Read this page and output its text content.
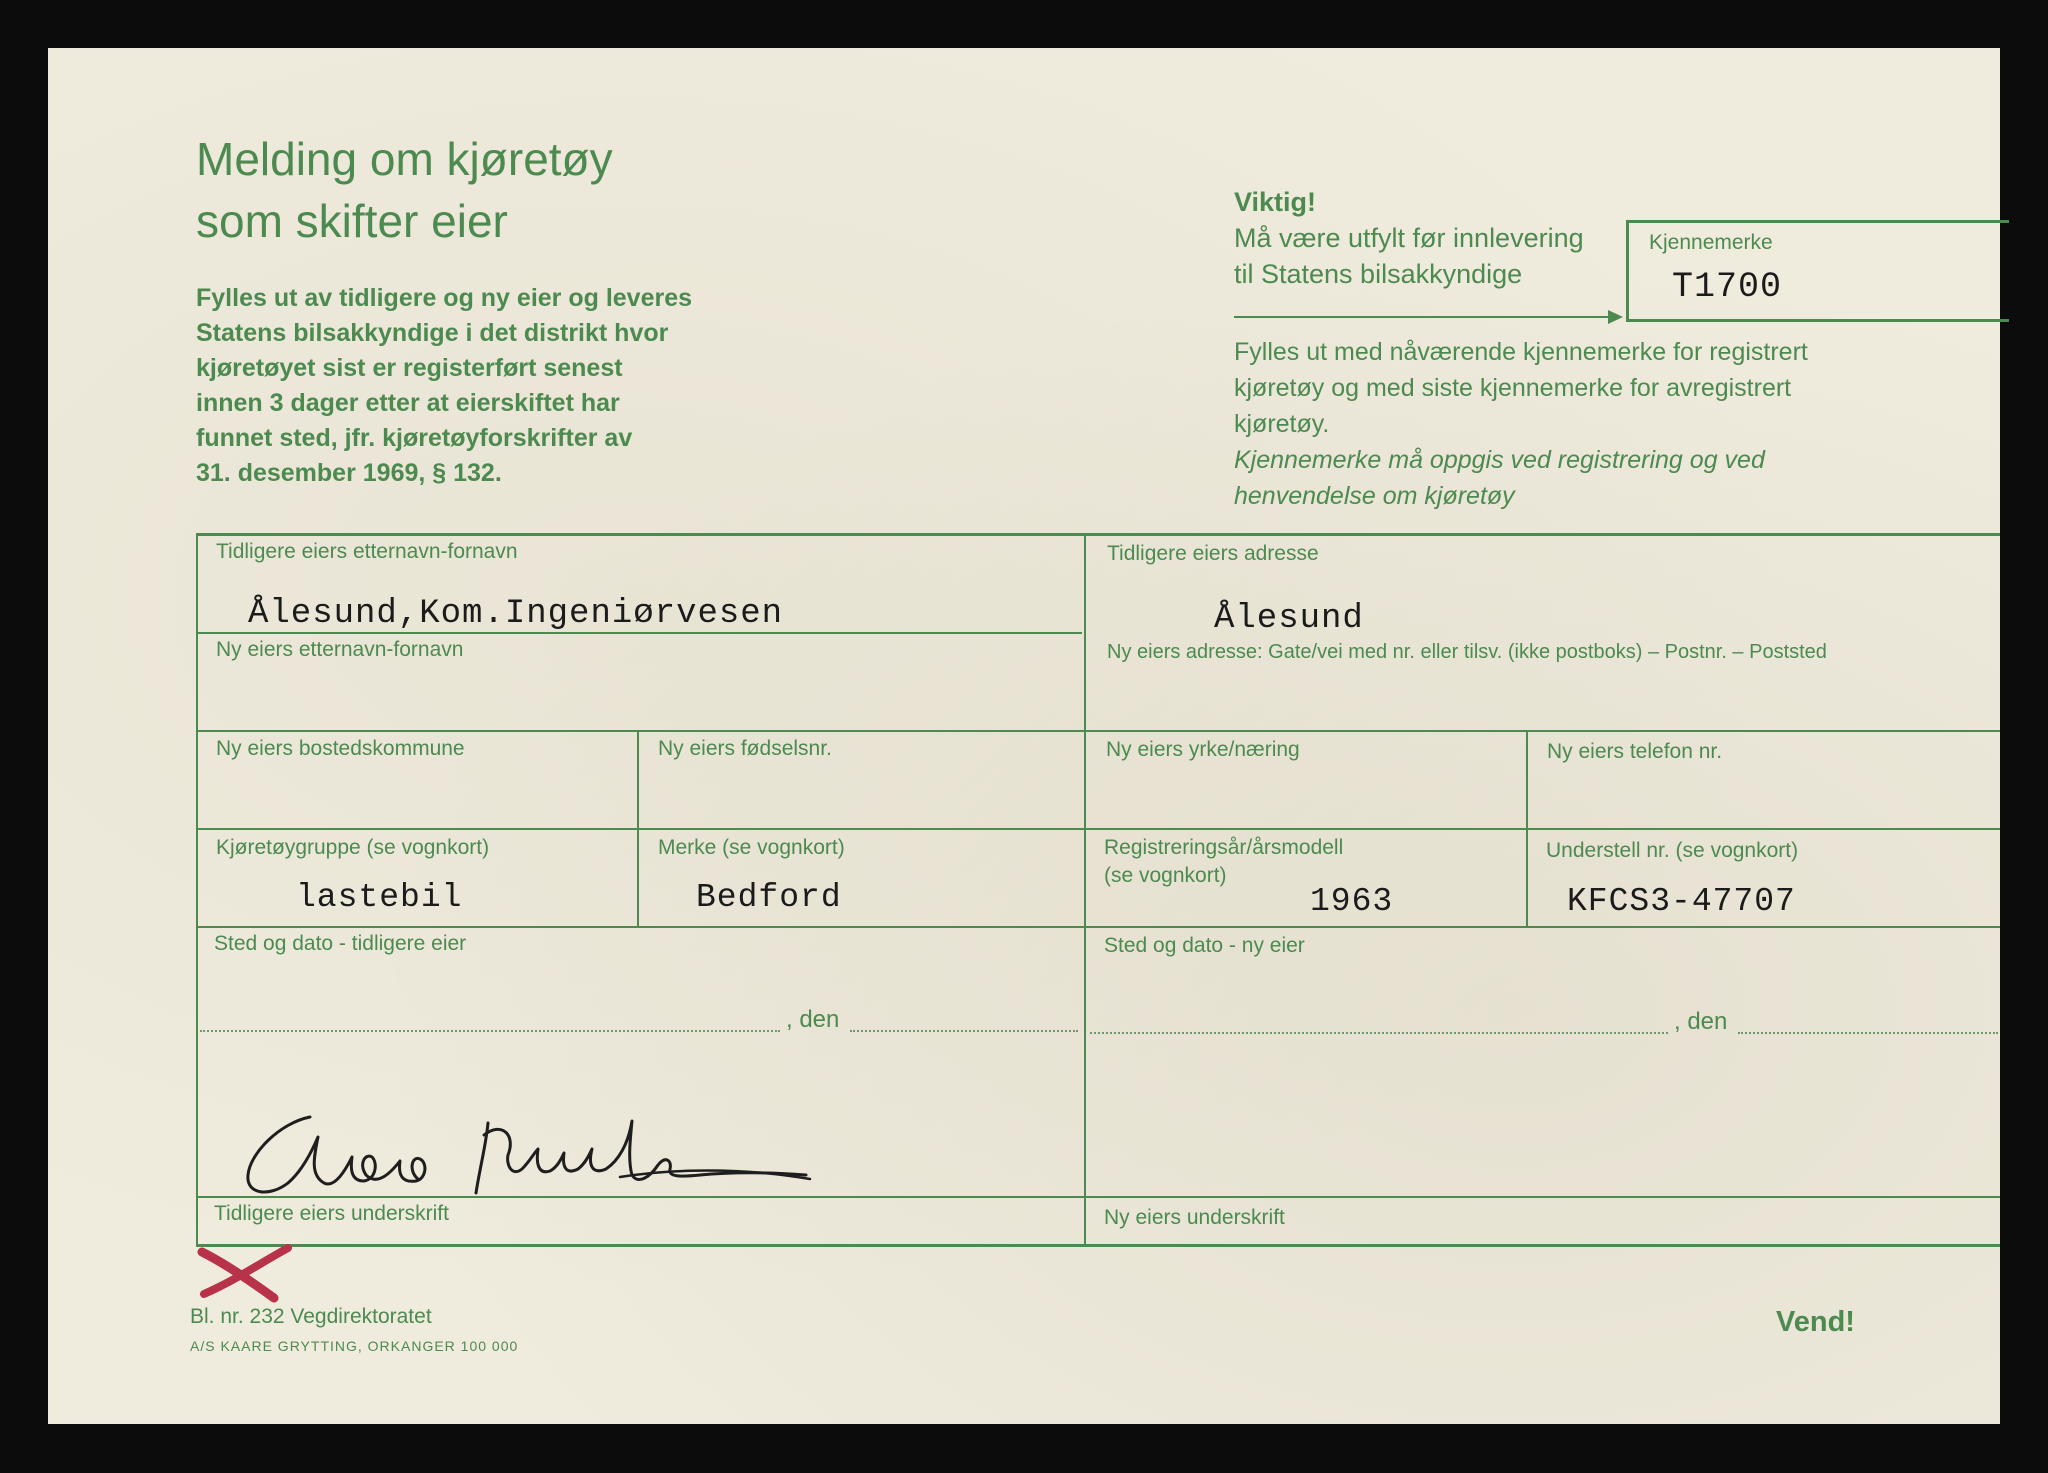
Melding om kjøretøy
som skifter eier
Fylles ut av tidligere og ny eier og leveres
Statens bilsakkyndige i det distrikt hvor
kjøretøyet sist er registerført senest
innen 3 dager etter at eierskiftet har
funnet sted, jfr. kjøretøyforskrifter av
31. desember 1969, § 132.
Viktig!
Må være utfylt før innlevering
til Statens bilsakkyndige
Kjennemerke
T1700
Fylles ut med nåværende kjennemerke for registrert
kjøretøy og med siste kjennemerke for avregistrert
kjøretøy.
Kjennemerke må oppgis ved registrering og ved
henvendelse om kjøretøy
Tidligere eiers etternavn-fornavn
Ålesund,Kom.Ingeniørvesen
Tidligere eiers adresse
Ålesund
Ny eiers etternavn-fornavn	Ny eiers adresse: Gate/vei med nr. eller tilsv. (ikke postboks) – Postnr. – Poststed
Ny eiers bostedskommune	Ny eiers fødselsnr.	Ny eiers yrke/næring	Ny eiers telefon nr.
Kjøretøygruppe (se vognkort)
lastebil
Merke (se vognkort)
Bedford
Registreringsår/årsmodell
(se vognkort)
1963
Understell nr. (se vognkort)
KFCS3-47707
Sted og dato - tidligere eier
, den
Sted og dato - ny eier
, den
Tidligere eiers underskrift	Ny eiers underskrift
Bl. nr. 232 Vegdirektoratet
A/S KAARE GRYTTING, ORKANGER 100 000
Vend!
